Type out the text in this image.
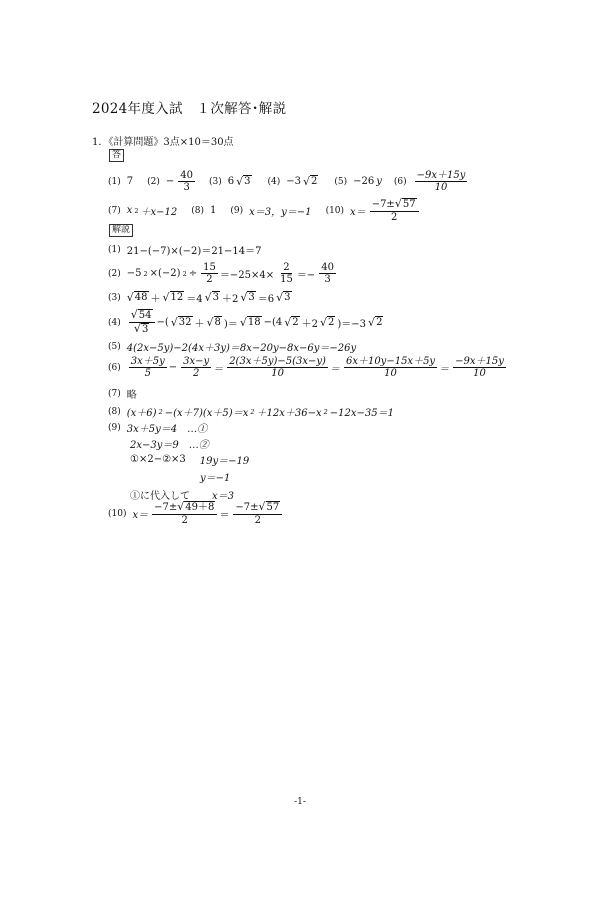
2024年度入試　１次解答･解説
1．《計算問題》3点×10＝30点
答
(1) 7 $(2) - \frac{40}{3} (3)$ 6 √ 3 (4) −3 √ 2 (5) −26 y $(6) \frac{-9x+15y}{10}$
(7) x 2 ＋x−12 (8) 1 (9) x＝3，y＝−1 (10) $x= \frac{-7\pm √ 57}{2}$
解説
(1) 21−(−7)×(−2)＝21−14＝7
(2) −5 2 ×(−2) $2 \div \frac{15}{2} =-25\times 4\times \frac{2}{15} =- \frac{40}{3}$
(3) √ 48 ＋ √ 12 ＝4 √ 3 ＋2 √ 3 ＝6 √ 3
$(4) \frac{√ 54}{√ 3}$ −( √ 32 ＋ √ 8 )＝ √ 18 −(4 √ 2 ＋2 √ 2 )＝−3 √ 2
(5) 4(2x−5y)−2(4x＋3y)＝8x−20y−8x−6y＝−26y
$(6) \frac{3x+5y}{5} - \frac{3x-y}{2} = \frac{2(3x+5y)-5(3x-y)}{10} = \frac{6x+10y-15x+5y}{10} = \frac{-9x+15y}{10}$
(7) 略
(8) (x＋6) 2 −(x＋7)(x＋5)＝x 2 ＋12x＋36−x 2 −12x−35＝1
(9) 3x＋5y＝4　…①
2x−3y＝9　…②
①×2−②×3 19y＝−19
y＝−1
①に代入して x＝3
(10) $x= \frac{-7\pm √ 49+8}{2} = \frac{-7\pm √ 57}{2}$
-1-
